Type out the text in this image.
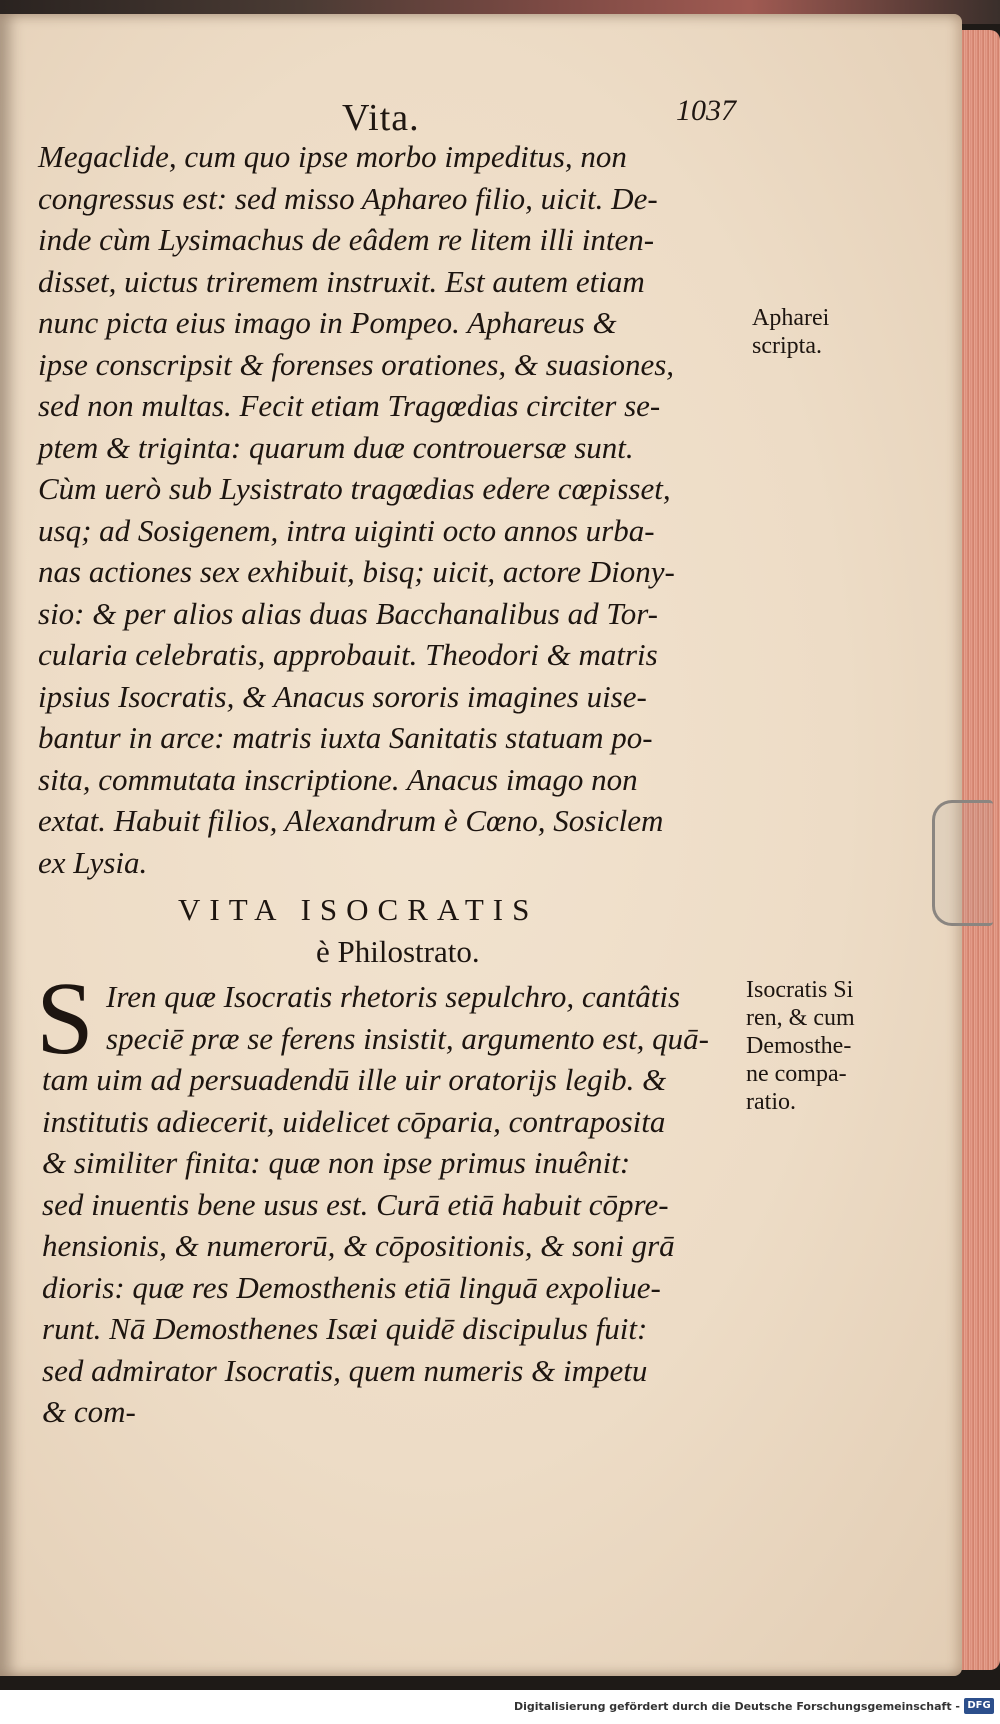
Vita.	1037
Megaclide, cum quo ipse morbo impeditus, non
congressus est: sed misso Aphareo filio, uicit. De-
inde cùm Lysimachus de eâdem re litem illi inten-
disset, uictus triremem instruxit. Est autem etiam
nunc picta eius imago in Pompeo. Aphareus &
ipse conscripsit & forenses orationes, & suasiones,
sed non multas. Fecit etiam Tragœdias circiter se-
ptem & triginta: quarum duæ controuersæ sunt.
Cùm uerò sub Lysistrato tragœdias edere cœpisset,
usq; ad Sosigenem, intra uiginti octo annos urba-
nas actiones sex exhibuit, bisq; uicit, actore Diony-
sio: & per alios alias duas Bacchanalibus ad Tor-
cularia celebratis, approbauit. Theodori & matris
ipsius Isocratis, & Anacus sororis imagines uise-
bantur in arce: matris iuxta Sanitatis statuam po-
sita, commutata inscriptione. Anacus imago non
extat. Habuit filios, Alexandrum è Cœno, Sosiclem
ex Lysia.
VITA ISOCRATIS
è Philostrato.
S Iren quæ Isocratis rhetoris sepulchro, cantâtis
speciē præ se ferens insistit, argumento est, quā-
tam uim ad persuadendū ille uir oratorijs legib. &
institutis adiecerit, uidelicet cōparia, contraposita
& similiter finita: quæ non ipse primus inuênit:
sed inuentis bene usus est. Curā etiā habuit cōpre-
hensionis, & numerorū, & cōpositionis, & soni grā
dioris: quæ res Demosthenis etiā linguā expoliue-
runt. Nā Demosthenes Isæi quidē discipulus fuit:
sed admirator Isocratis, quem numeris & impetu
& com-
Apharei
scripta.
Isocratis Si
ren, & cum
Demosthe-
ne compa-
ratio.
Digitalisierung gefördert durch die Deutsche Forschungsgemeinschaft - DFG
